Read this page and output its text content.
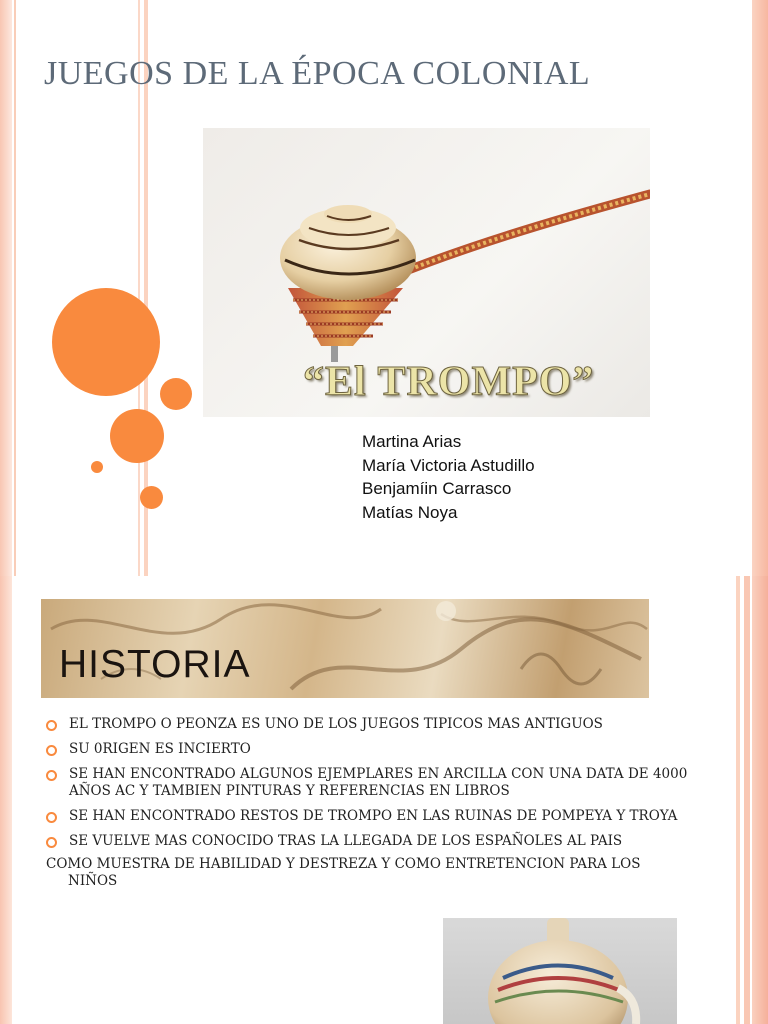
JUEGOS DE LA ÉPOCA COLONIAL
“El TROMPO”
Martina Arias
María Victoria Astudillo
Benjamíin Carrasco
Matías Noya
HISTORIA
EL TROMPO O PEONZA ES UNO DE LOS JUEGOS TIPICOS MAS ANTIGUOS
SU 0RIGEN ES INCIERTO
SE HAN ENCONTRADO ALGUNOS EJEMPLARES EN ARCILLA CON UNA DATA DE 4000 AÑOS AC Y TAMBIEN PINTURAS Y REFERENCIAS EN LIBROS
SE HAN ENCONTRADO RESTOS DE TROMPO EN LAS RUINAS DE POMPEYA Y TROYA
SE VUELVE MAS CONOCIDO TRAS LA LLEGADA DE LOS ESPAÑOLES AL PAIS
COMO MUESTRA DE HABILIDAD Y DESTREZA Y COMO ENTRETENCION PARA LOS
NIÑOS
